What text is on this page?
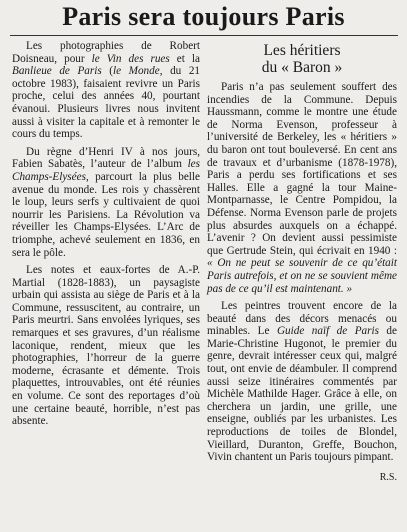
Paris sera toujours Paris

Les photographies de Robert Doisneau, pour le Vin des rues et la Banlieue de Paris (le Monde, du 21 octobre 1983), faisaient revivre un Paris proche, celui des années 40, pourtant évanoui. Plusieurs livres nous invitent aussi à visiter la capitale et à remonter le cours du temps.

Du règne d’Henri IV à nos jours, Fabien Sabatès, l’auteur de l’album les Champs-Elysées, parcourt la plus belle avenue du monde. Les rois y chassèrent le loup, leurs serfs y cultivaient de quoi nourrir les Parisiens. La Révolution va réveiller les Champs-Elysées. L’Arc de triomphe, achevé seulement en 1836, en sera le pôle.

Les notes et eaux-fortes de A.-P. Martial (1828-1883), un paysagiste urbain qui assista au siège de Paris et à la Commune, ressuscitent, au contraire, un Paris meurtri. Sans envolées lyriques, ses remarques et ses gravures, d’un réalisme laconique, rendent, mieux que les photographies, l’horreur de la guerre moderne, écrasante et démente. Trois plaquettes, introuvables, ont été réunies en volume. Ce sont des reportages d’où une certaine beauté, horrible, n’est pas absente.

Les héritiers
du « Baron »

Paris n’a pas seulement souffert des incendies de la Commune. Depuis Haussmann, comme le montre une étude de Norma Evenson, professeur à l’université de Berkeley, les « héritiers » du baron ont tout bouleversé. En cent ans de travaux et d’urbanisme (1878-1978), Paris a perdu ses fortifications et ses Halles. Elle a gagné la tour Maine-Montparnasse, le Centre Pompidou, la Défense. Norma Evenson parle de projets plus absurdes auxquels on a échappé. L’avenir ? On devient aussi pessimiste que Gertrude Stein, qui écrivait en 1940 : « On ne peut se souvenir de ce qu’était Paris autrefois, et on ne se souvient même pas de ce qu’il est maintenant. »

Les peintres trouvent encore de la beauté dans des décors menacés ou minables. Le Guide naïf de Paris de Marie-Christine Hugonot, le premier du genre, devrait intéresser ceux qui, malgré tout, ont envie de déambuler. Il comprend aussi seize itinéraires commentés par Michèle Mathilde Hager. Grâce à elle, on cherchera un jardin, une grille, une enseigne, oubliés par les urbanistes. Les reproductions de toiles de Blondel, Vieillard, Duranton, Greffe, Bouchon, Vivin chantent un Paris toujours pimpant.

R.S.
